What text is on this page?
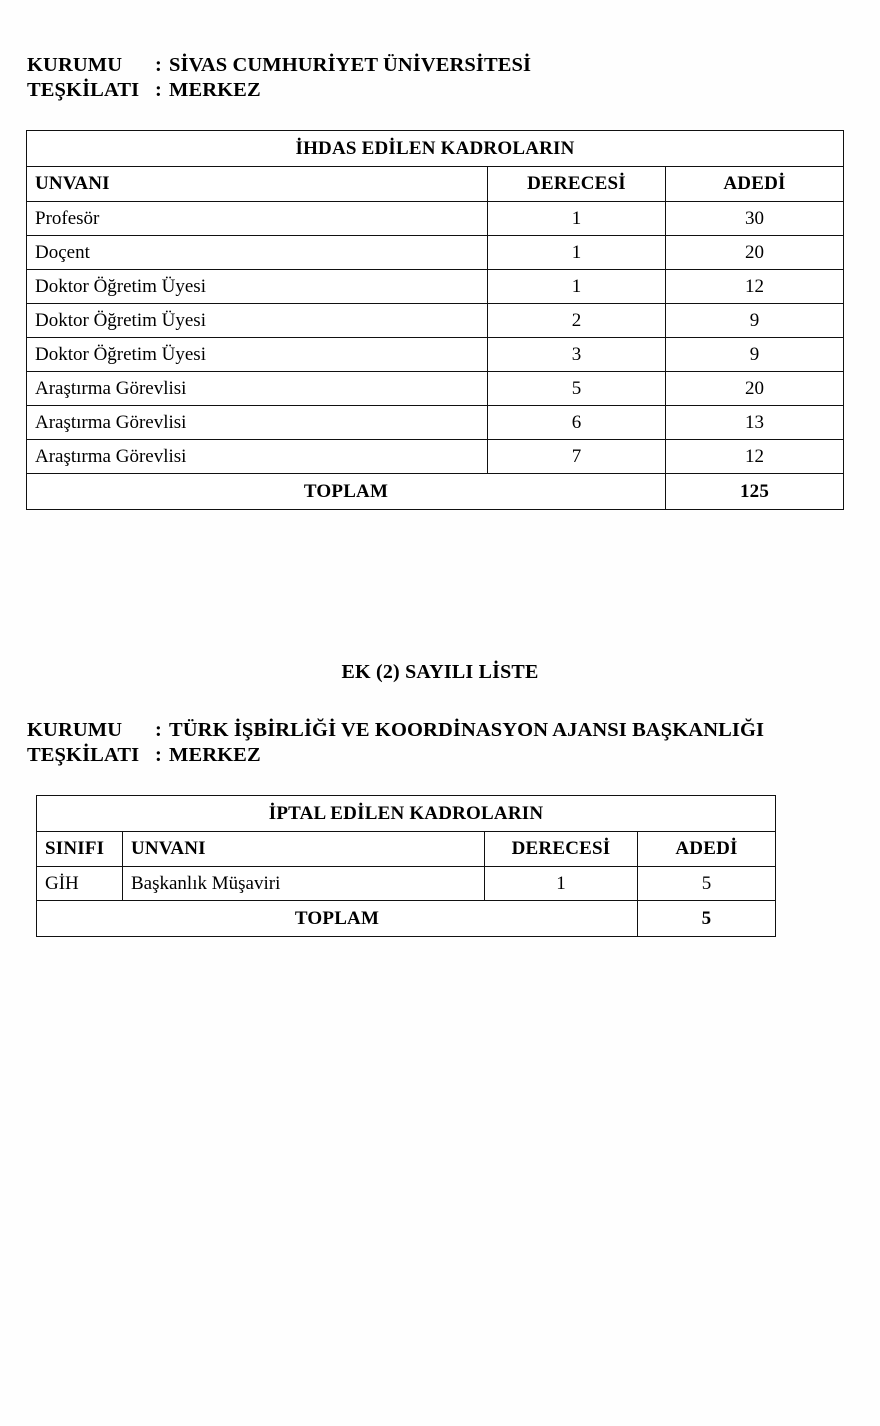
KURUMU	: SİVAS CUMHURİYET ÜNİVERSİTESİ
TEŞKİLATI : MERKEZ
İHDAS EDİLEN KADROLARIN		
UNVANI	DERECESİ	ADEDİ
Profesör	1	30
Doçent	1	20
Doktor Öğretim Üyesi	1	12
Doktor Öğretim Üyesi	2	9
Doktor Öğretim Üyesi	3	9
Araştırma Görevlisi	5	20
Araştırma Görevlisi	6	13
Araştırma Görevlisi	7	12
TOPLAM		125
EK (2) SAYILI LİSTE
KURUMU	: TÜRK İŞBİRLİĞİ VE KOORDİNASYON AJANSI BAŞKANLIĞI
TEŞKİLATI : MERKEZ
İPTAL EDİLEN KADROLARIN			
SINIFI	UNVANI	DERECESİ	ADEDİ
GİH	Başkanlık Müşaviri	1	5
TOPLAM			5
